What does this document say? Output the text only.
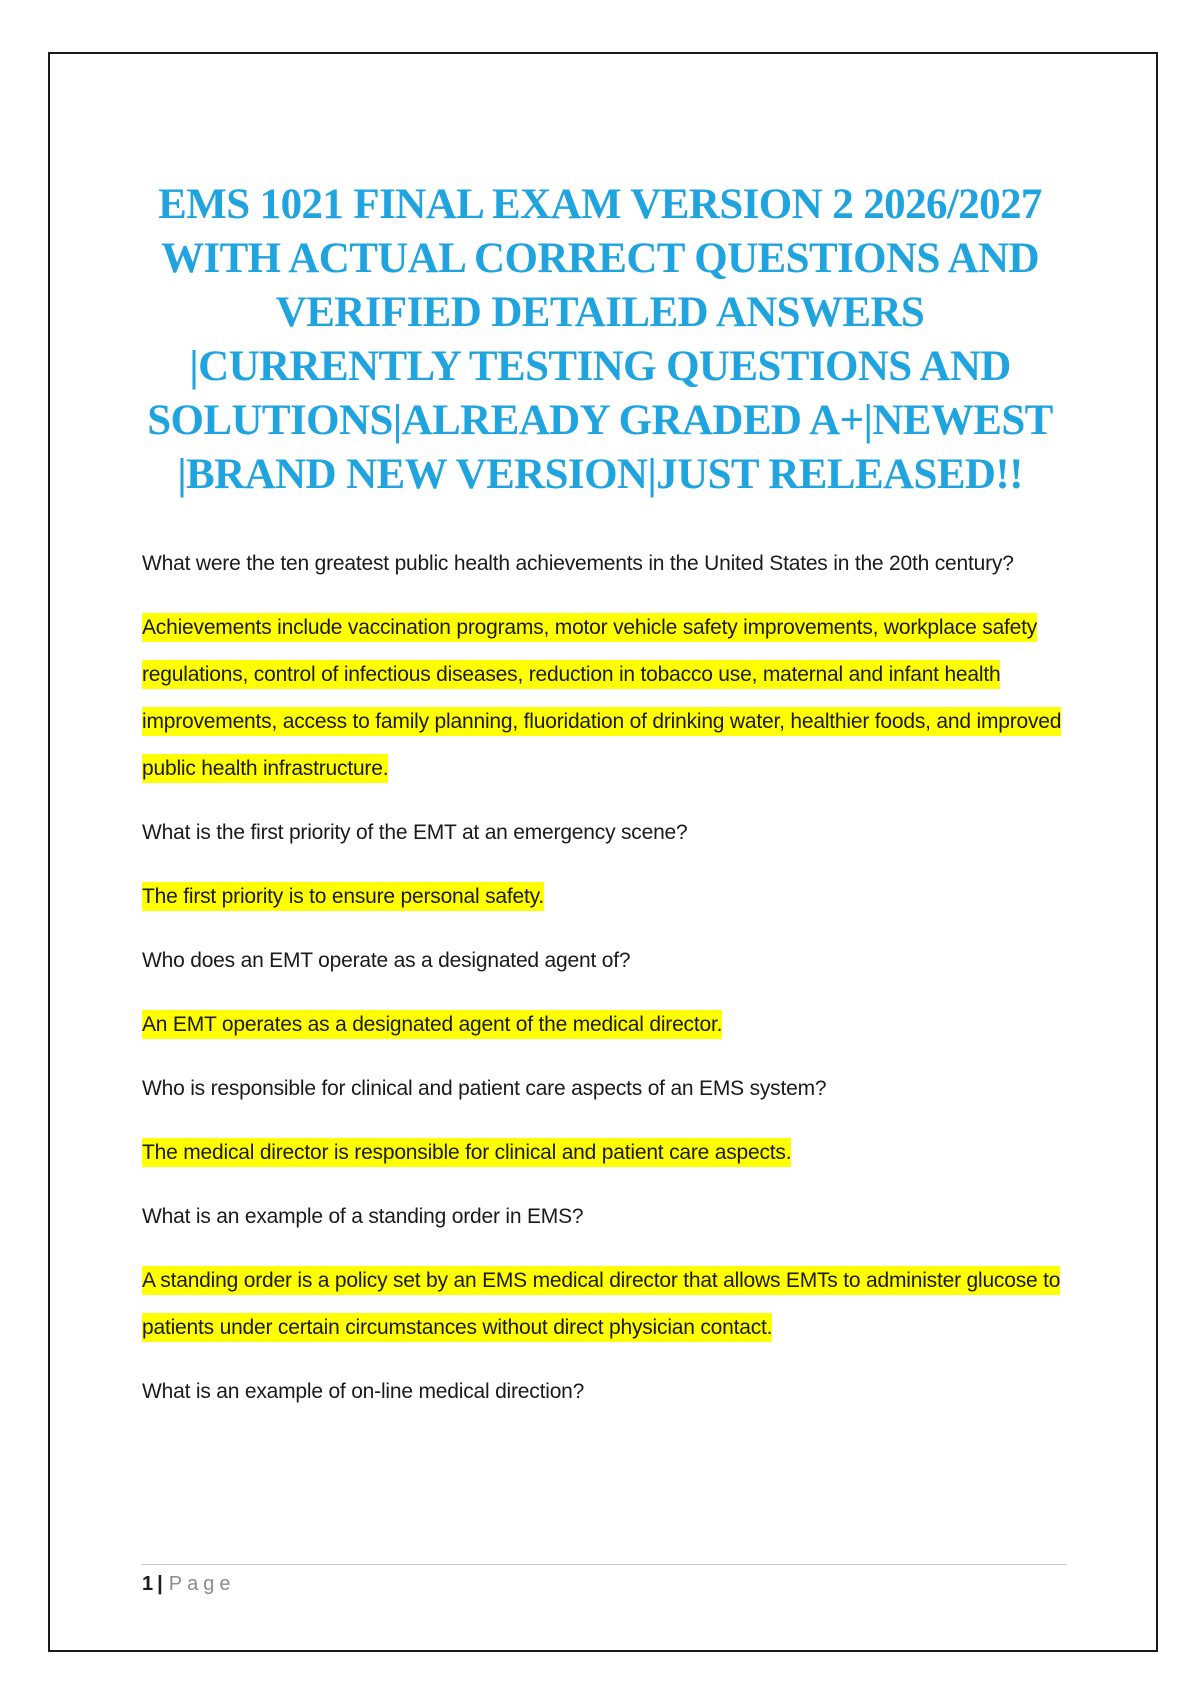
EMS 1021 FINAL EXAM VERSION 2 2026/2027
WITH ACTUAL CORRECT QUESTIONS AND
VERIFIED DETAILED ANSWERS
|CURRENTLY TESTING QUESTIONS AND
SOLUTIONS|ALREADY GRADED A+|NEWEST
|BRAND NEW VERSION|JUST RELEASED!!

What were the ten greatest public health achievements in the United States in the 20th century?

Achievements include vaccination programs, motor vehicle safety improvements, workplace safety regulations, control of infectious diseases, reduction in tobacco use, maternal and infant health improvements, access to family planning, fluoridation of drinking water, healthier foods, and improved public health infrastructure.

What is the first priority of the EMT at an emergency scene?

The first priority is to ensure personal safety.

Who does an EMT operate as a designated agent of?

An EMT operates as a designated agent of the medical director.

Who is responsible for clinical and patient care aspects of an EMS system?

The medical director is responsible for clinical and patient care aspects.

What is an example of a standing order in EMS?

A standing order is a policy set by an EMS medical director that allows EMTs to administer glucose to patients under certain circumstances without direct physician contact.

What is an example of on-line medical direction?

1 | Page
